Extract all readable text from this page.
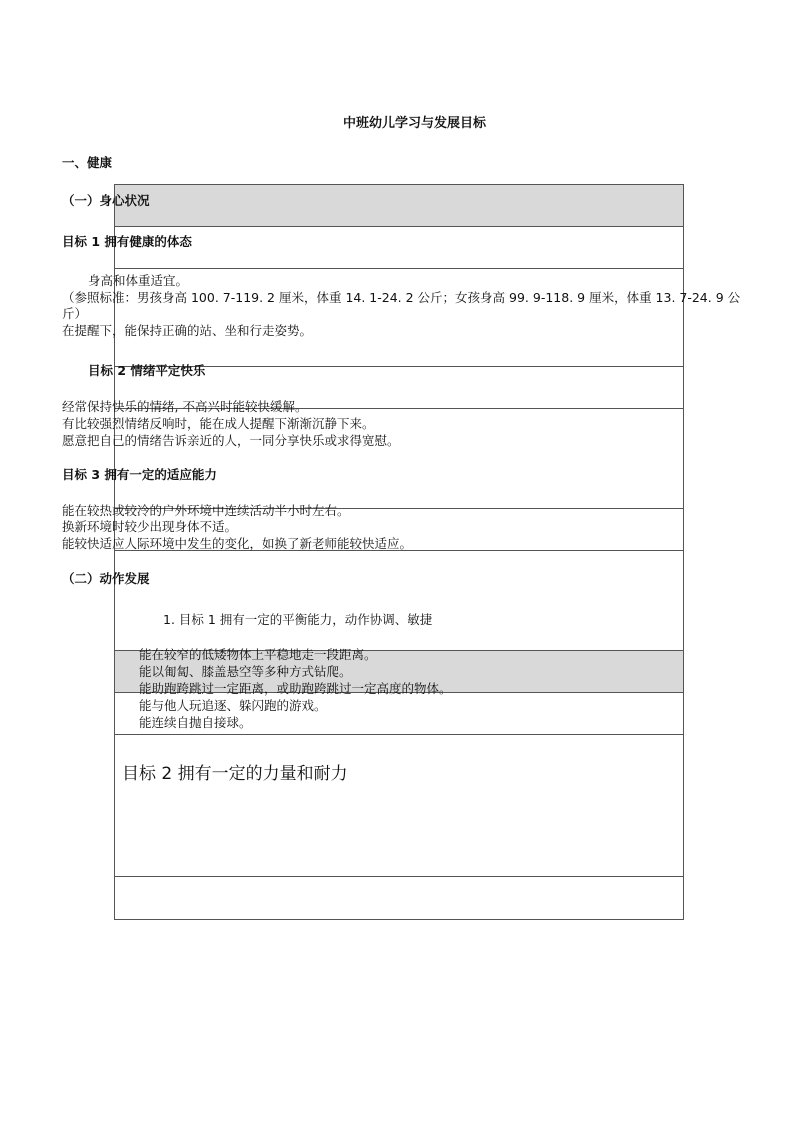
中班幼儿学习与发展目标
一、健康
（一）身心状况
目标 1 拥有健康的体态
身高和体重适宜。
（参照标准：男孩身高 100. 7-119. 2 厘米，体重 14. 1-24. 2 公斤；女孩身高 99. 9-118. 9 厘米，体重 13. 7-24. 9 公
斤）
在提醒下，能保持正确的站、坐和行走姿势。
目标 2 情绪平定快乐
经常保持快乐的情绪, 不高兴时能较快缓解。
有比较强烈情绪反响时，能在成人提醒下渐渐沉静下来。
愿意把自己的情绪告诉亲近的人，一同分享快乐或求得宽慰。
目标 3 拥有一定的适应能力
能在较热或较冷的户外环境中连续活动半小时左右。
换新环境时较少出现身体不适。
能较快适应人际环境中发生的变化，如换了新老师能较快适应。
（二）动作发展
1. 目标 1 拥有一定的平衡能力，动作协调、敏捷
能在较窄的低矮物体上平稳地走一段距离。
能以匍匐、膝盖悬空等多种方式钻爬。
能助跑跨跳过一定距离，或助跑跨跳过一定高度的物体。
能与他人玩追逐、躲闪跑的游戏。
能连续自抛自接球。
目标 2 拥有一定的力量和耐力
